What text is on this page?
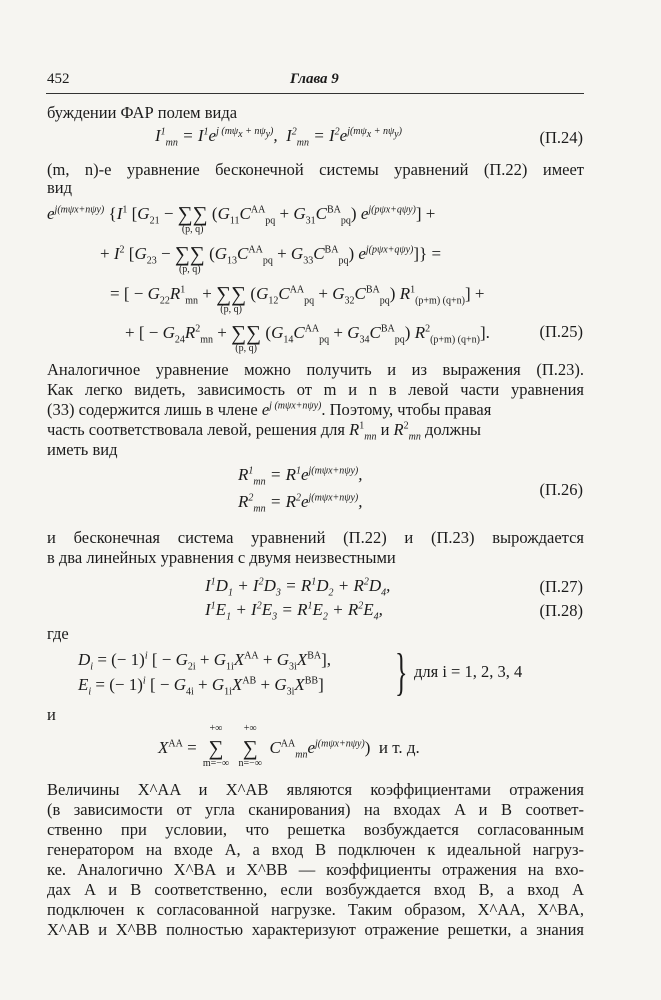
452	Глава 9
буждении ФАР полем вида
$I^1_{mn} = I^1e^{j (m\psi_x + n\psi_y)}$,  $I^2_{mn} = I^2e^{j(m\psi_x + n\psi_y)}$	(П.24)
(m, n)-е уравнение бесконечной системы уравнений (П.22) имеет
вид
$e^{j(m\psi x+n\psi y)}$ {$I^1$ [$G_{21}$ − ∑∑
(p, q)
$(G_{11}C^{AA}_{pq} + G_{31}C^{BA}_{pq}) e^{j(p\psi x+q\psi y)}$] +
+ $I^2$ [$G_{23}$ − ∑∑
(p, q)
$(G_{13}C^{AA}_{pq} + G_{33}C^{BA}_{pq}) e^{j(p\psi x+q\psi y)}$]} =
= [ − $G_{22}R^1_{mn}$ + ∑∑
(p, q)
$(G_{12}C^{AA}_{pq} + G_{32}C^{BA}_{pq}) R^1_{(p+m) (q+n)}$] +
+ [ − $G_{24}R^2_{mn}$ + ∑∑
(p, q)
$(G_{14}C^{AA}_{pq} + G_{34}C^{BA}_{pq})$ $R^2_{(p+m) (q+n)}$].	(П.25)
Аналогичное уравнение можно получить и из выражения (П.23).
Как легко видеть, зависимость от m и n в левой части уравнения
(33) содержится лишь в члене $e^{j (m\psi x+n\psi y)}$. Поэтому, чтобы правая
часть соответствовала левой, решения для $R^1_{mn}$ и $R^2_{mn}$ должны
иметь вид
$R^1_{mn} = R^1e^{j(m\psi x+n\psi y)}$,
$R^2_{mn} = R^2e^{j(m\psi x+n\psi y)}$,
(П.26)
и бесконечная система уравнений (П.22) и (П.23) вырождается
в два линейных уравнения с двумя неизвестными
$I^1D_1 + I^2D_3 = R^1D_2 + R^2D_4$,	(П.27)
$I^1E_1 + I^2E_3 = R^1E_2 + R^2E_4$,	(П.28)
где
$D_i$ = (− 1)$^i$ [ − $G_{2i} + G_{1i}X^{AA} + G_{3i}X^{BA}$],
$E_i$ = (− 1)$^i$ [ − $G_{4i} + G_{1i}X^{AB} + G_{3i}X^{BB}$] } для i = 1, 2, 3, 4
и
$X^{AA}$ =
+∞
∑
m=−∞

+∞
∑
n=−∞
$C^{AA}_{mn}e^{j(m\psi x+n\psi y)}$)  и т. д.
Величины X^AA и X^AB являются коэффициентами отражения
(в зависимости от угла сканирования) на входах A и B соответ-
ственно при условии, что решетка возбуждается согласованным
генератором на входе A, а вход B подключен к идеальной нагруз-
ке. Аналогично X^BA и X^BB — коэффициенты отражения на вхо-
дах A и B соответственно, если возбуждается вход B, а вход A
подключен к согласованной нагрузке. Таким образом, X^AA, X^BA,
X^AB и X^BB полностью характеризуют отражение решетки, а знания
